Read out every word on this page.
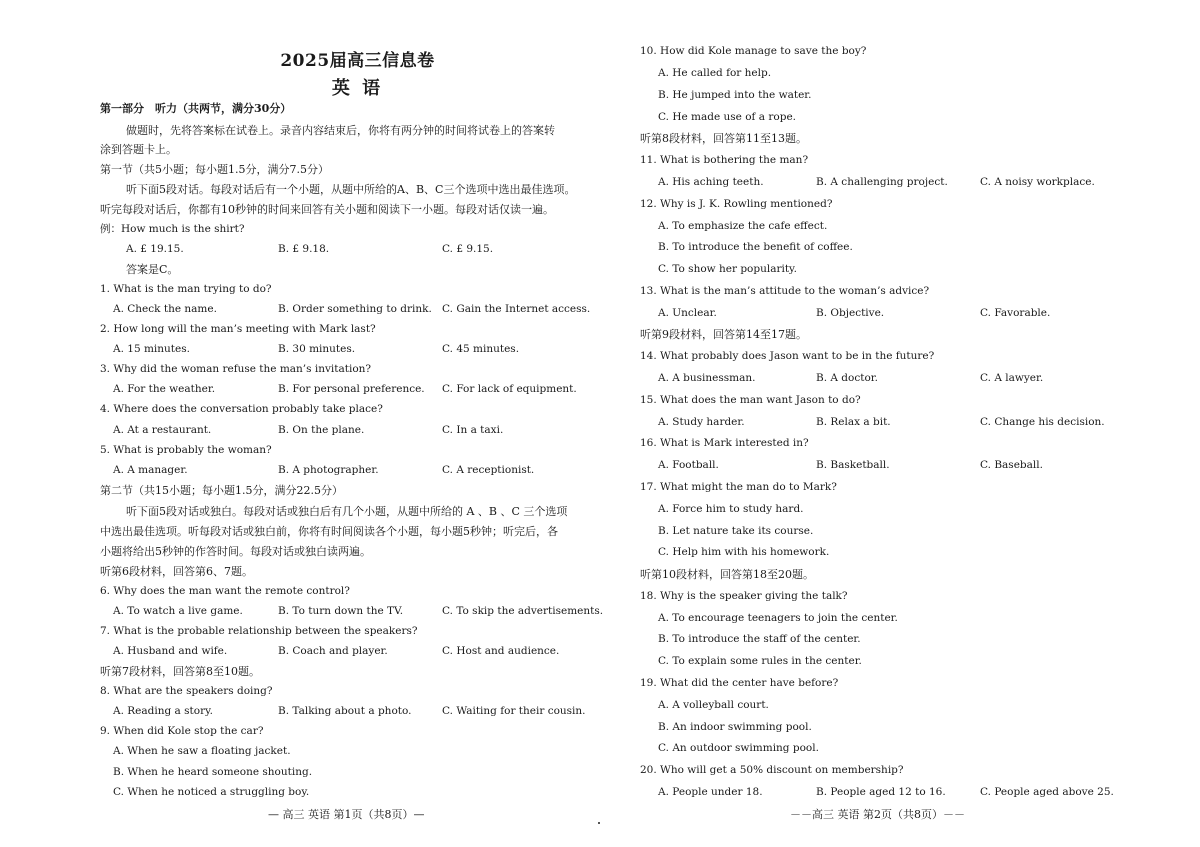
2025届高三信息卷
英 语
第一部分　听力（共两节，满分30分）
做题时，先将答案标在试卷上。录音内容结束后，你将有两分钟的时间将试卷上的答案转
涂到答题卡上。
第一节（共5小题；每小题1.5分，满分7.5分）
听下面5段对话。每段对话后有一个小题，从题中所给的A、B、C三个选项中选出最佳选项。
听完每段对话后，你都有10秒钟的时间来回答有关小题和阅读下一小题。每段对话仅读一遍。
例：How much is the shirt?
A. £ 19.15.	B. £ 9.18.	C. £ 9.15.
答案是C。
1. What is the man trying to do?
A. Check the name.	B. Order something to drink. C. Gain the Internet access.
2. How long will the man’s meeting with Mark last?
A. 15 minutes.	B. 30 minutes.	C. 45 minutes.
3. Why did the woman refuse the man’s invitation?
A. For the weather.	B. For personal preference. C. For lack of equipment.
4. Where does the conversation probably take place?
A. At a restaurant.	B. On the plane.	C. In a taxi.
5. What is probably the woman?
A. A manager.	B. A photographer.	C. A receptionist.
第二节（共15小题；每小题1.5分，满分22.5分）
听下面5段对话或独白。每段对话或独白后有几个小题，从题中所给的 A 、B 、C 三个选项
中选出最佳选项。听每段对话或独白前，你将有时间阅读各个小题，每小题5秒钟；听完后，各
小题将给出5秒钟的作答时间。每段对话或独白读两遍。
听第6段材料，回答第6、7题。
6. Why does the man want the remote control?
A. To watch a live game.	B. To turn down the TV.	C. To skip the advertisements.
7. What is the probable relationship between the speakers?
A. Husband and wife.	B. Coach and player.	C. Host and audience.
听第7段材料，回答第8至10题。
8. What are the speakers doing?
A. Reading a story.	B. Talking about a photo.	C. Waiting for their cousin.
9. When did Kole stop the car?
A. When he saw a floating jacket.
B. When he heard someone shouting.
C. When he noticed a struggling boy.
— 高三 英语 第1页（共8页）—
10. How did Kole manage to save the boy?
A. He called for help.
B. He jumped into the water.
C. He made use of a rope.
听第8段材料，回答第11至13题。
11. What is bothering the man?
A. His aching teeth.	B. A challenging project.	C. A noisy workplace.
12. Why is J. K. Rowling mentioned?
A. To emphasize the cafe effect.
B. To introduce the benefit of coffee.
C. To show her popularity.
13. What is the man’s attitude to the woman’s advice?
A. Unclear.	B. Objective.	C. Favorable.
听第9段材料，回答第14至17题。
14. What probably does Jason want to be in the future?
A. A businessman.	B. A doctor.	C. A lawyer.
15. What does the man want Jason to do?
A. Study harder.	B. Relax a bit.	C. Change his decision.
16. What is Mark interested in?
A. Football.	B. Basketball.	C. Baseball.
17. What might the man do to Mark?
A. Force him to study hard.
B. Let nature take its course.
C. Help him with his homework.
听第10段材料，回答第18至20题。
18. Why is the speaker giving the talk?
A. To encourage teenagers to join the center.
B. To introduce the staff of the center.
C. To explain some rules in the center.
19. What did the center have before?
A. A volleyball court.
B. An indoor swimming pool.
C. An outdoor swimming pool.
20. Who will get a 50% discount on membership?
A. People under 18.	B. People aged 12 to 16.	C. People aged above 25.
－－高三 英语 第2页（共8页）－－
